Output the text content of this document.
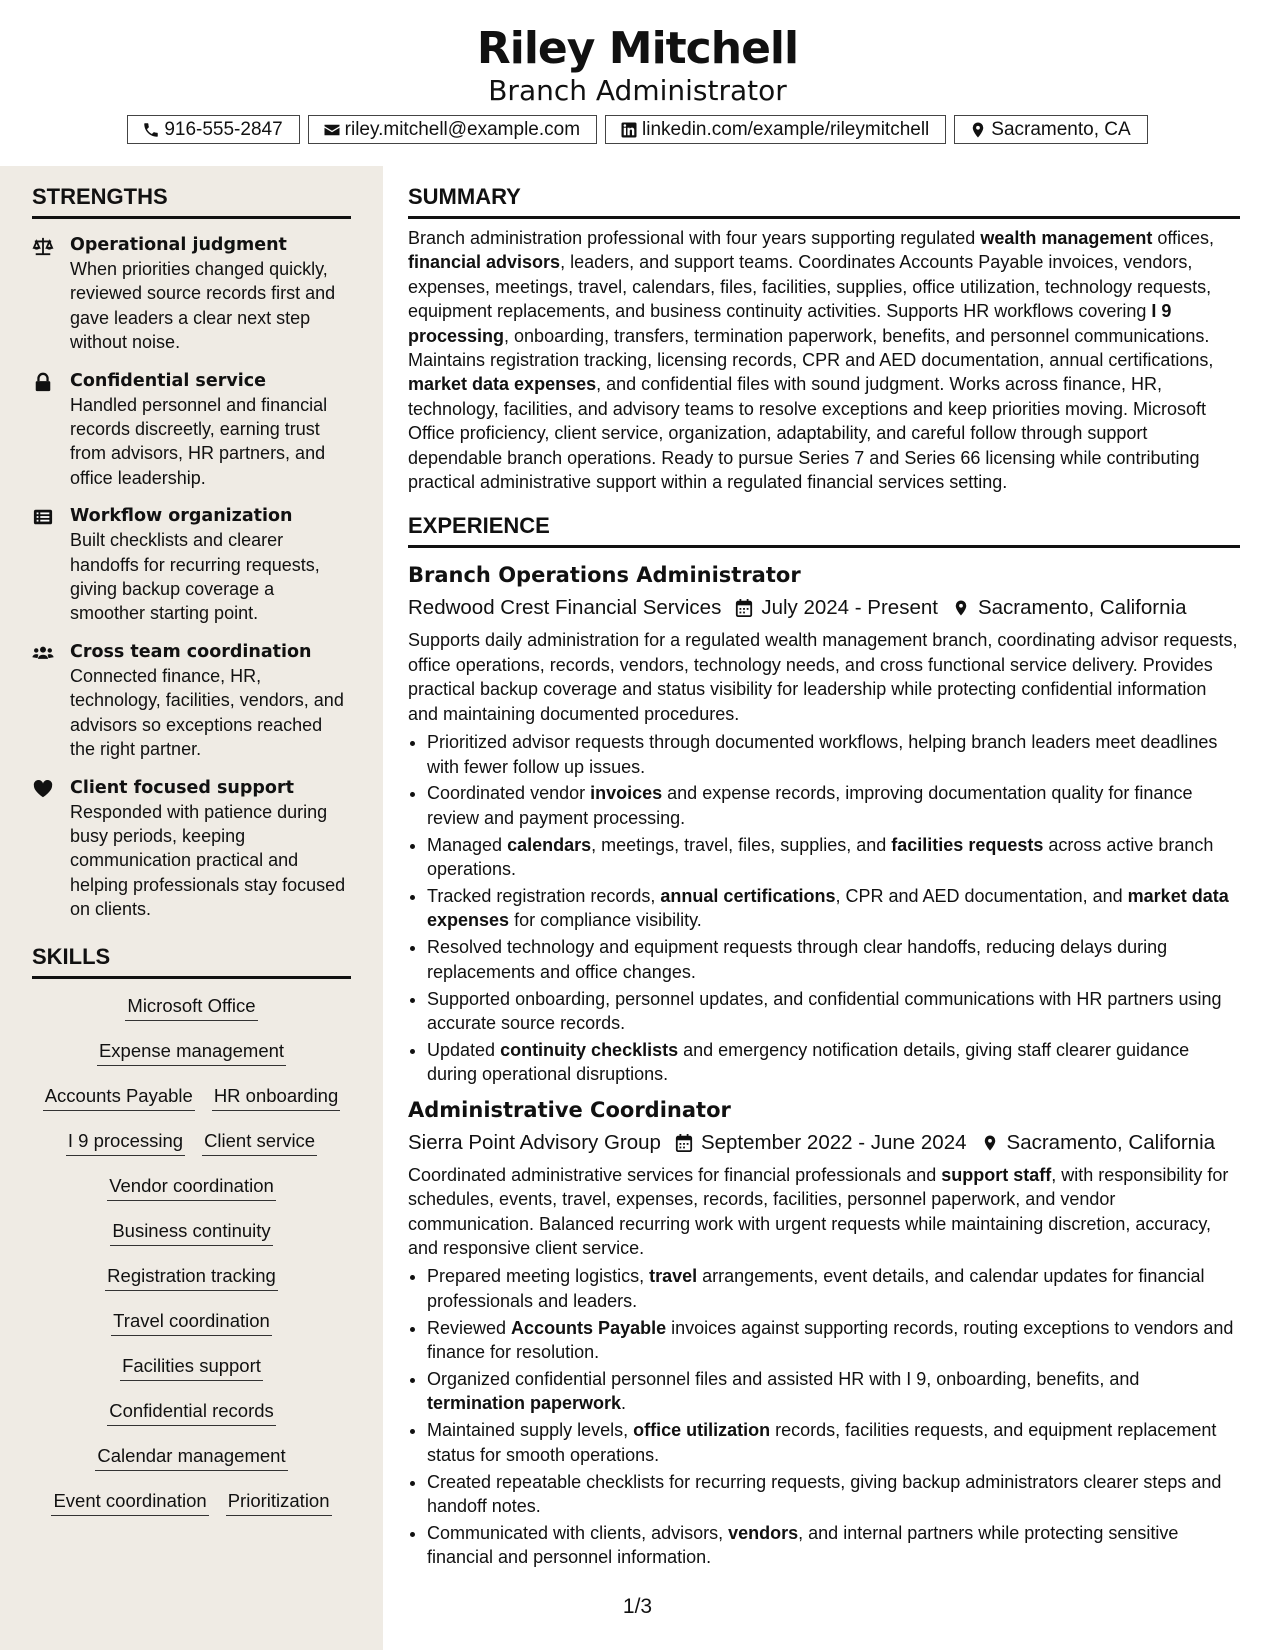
Riley Mitchell
Branch Administrator
916-555-2847	riley.mitchell@example.com	linkedin.com/example/rileymitchell	Sacramento, CA
STRENGTHS
Operational judgment
When priorities changed quickly, reviewed source records first and gave leaders a clear next step without noise.
Confidential service
Handled personnel and financial records discreetly, earning trust from advisors, HR partners, and office leadership.
Workflow organization
Built checklists and clearer handoffs for recurring requests, giving backup coverage a smoother starting point.
Cross team coordination
Connected finance, HR, technology, facilities, vendors, and advisors so exceptions reached the right partner.
Client focused support
Responded with patience during busy periods, keeping communication practical and helping professionals stay focused on clients.
SKILLS
Microsoft Office
Expense management
Accounts Payable HR onboarding
I 9 processing Client service
Vendor coordination
Business continuity
Registration tracking
Travel coordination
Facilities support
Confidential records
Calendar management
Event coordination Prioritization
SUMMARY
Branch administration professional with four years supporting regulated wealth management offices, financial advisors, leaders, and support teams. Coordinates Accounts Payable invoices, vendors, expenses, meetings, travel, calendars, files, facilities, supplies, office utilization, technology requests, equipment replacements, and business continuity activities. Supports HR workflows covering I 9 processing, onboarding, transfers, termination paperwork, benefits, and personnel communications. Maintains registration tracking, licensing records, CPR and AED documentation, annual certifications, market data expenses, and confidential files with sound judgment. Works across finance, HR, technology, facilities, and advisory teams to resolve exceptions and keep priorities moving. Microsoft Office proficiency, client service, organization, adaptability, and careful follow through support dependable branch operations. Ready to pursue Series 7 and Series 66 licensing while contributing practical administrative support within a regulated financial services setting.
EXPERIENCE
Branch Operations Administrator
Redwood Crest Financial Services July 2024 - Present Sacramento, California
Supports daily administration for a regulated wealth management branch, coordinating advisor requests, office operations, records, vendors, technology needs, and cross functional service delivery. Provides practical backup coverage and status visibility for leadership while protecting confidential information and maintaining documented procedures.
• Prioritized advisor requests through documented workflows, helping branch leaders meet deadlines with fewer follow up issues.
• Coordinated vendor invoices and expense records, improving documentation quality for finance review and payment processing.
• Managed calendars, meetings, travel, files, supplies, and facilities requests across active branch operations.
• Tracked registration records, annual certifications, CPR and AED documentation, and market data expenses for compliance visibility.
• Resolved technology and equipment requests through clear handoffs, reducing delays during replacements and office changes.
• Supported onboarding, personnel updates, and confidential communications with HR partners using accurate source records.
• Updated continuity checklists and emergency notification details, giving staff clearer guidance during operational disruptions.
Administrative Coordinator
Sierra Point Advisory Group September 2022 - June 2024 Sacramento, California
Coordinated administrative services for financial professionals and support staff, with responsibility for schedules, events, travel, expenses, records, facilities, personnel paperwork, and vendor communication. Balanced recurring work with urgent requests while maintaining discretion, accuracy, and responsive client service.
• Prepared meeting logistics, travel arrangements, event details, and calendar updates for financial professionals and leaders.
• Reviewed Accounts Payable invoices against supporting records, routing exceptions to vendors and finance for resolution.
• Organized confidential personnel files and assisted HR with I 9, onboarding, benefits, and termination paperwork.
• Maintained supply levels, office utilization records, facilities requests, and equipment replacement status for smooth operations.
• Created repeatable checklists for recurring requests, giving backup administrators clearer steps and handoff notes.
• Communicated with clients, advisors, vendors, and internal partners while protecting sensitive financial and personnel information.
1/3
